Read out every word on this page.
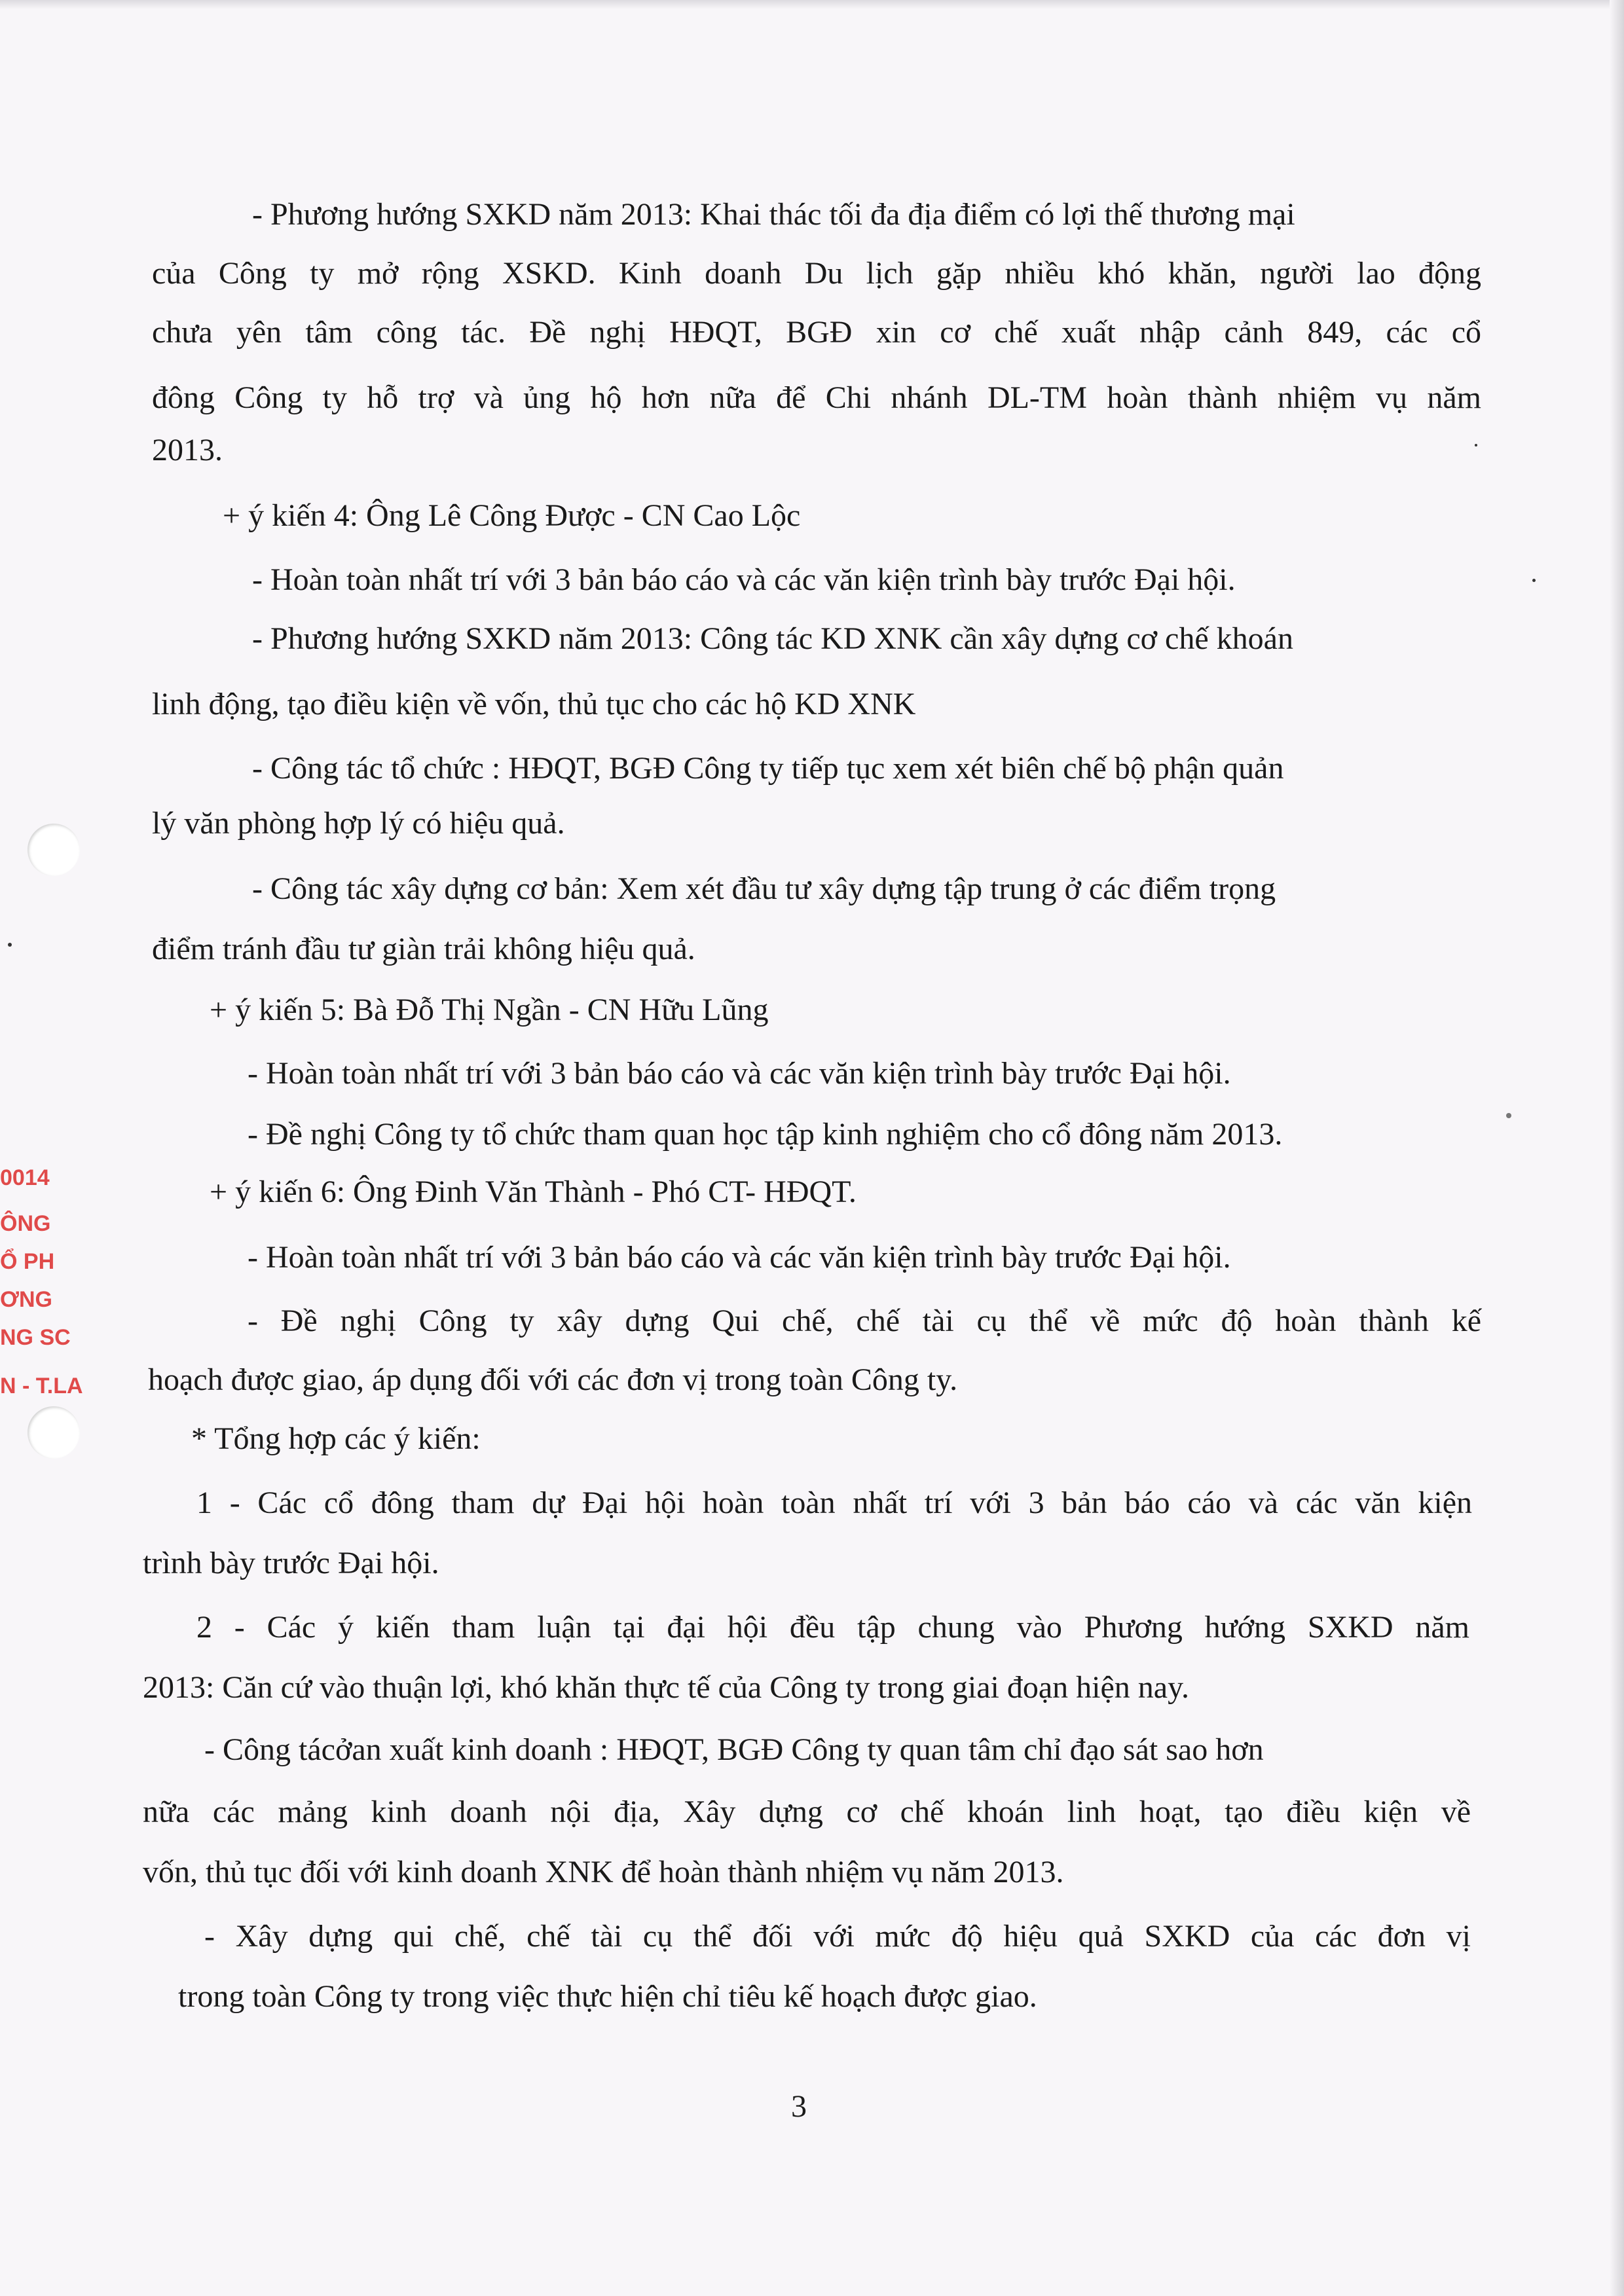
0014
ÔNG
Ổ PH
ƠNG
NG SC
N - T.LA
- Phương hướng SXKD năm 2013: Khai thác tối đa địa điểm có lợi thế thương mại
của Công ty mở rộng XSKD. Kinh doanh Du lịch gặp nhiều khó khăn, người lao động
chưa yên tâm công tác. Đề nghị HĐQT, BGĐ xin cơ chế xuất nhập cảnh 849, các cổ
đông Công ty hỗ trợ và ủng hộ hơn nữa để Chi nhánh DL-TM hoàn thành nhiệm vụ năm
2013.
+ ý kiến 4: Ông Lê Công Được - CN Cao Lộc
- Hoàn toàn nhất trí với 3 bản báo cáo và các văn kiện trình bày trước Đại hội.
- Phương hướng SXKD năm 2013: Công tác KD XNK cần xây dựng cơ chế khoán
linh động, tạo điều kiện về vốn, thủ tục cho các hộ KD XNK
- Công tác tổ chức : HĐQT, BGĐ Công ty tiếp tục xem xét biên chế bộ phận quản
lý văn phòng hợp lý có hiệu quả.
- Công tác xây dựng cơ bản: Xem xét đầu tư xây dựng tập trung ở các điểm trọng
điểm tránh đầu tư giàn trải không hiệu quả.
+ ý kiến 5: Bà Đỗ Thị Ngần - CN Hữu Lũng
- Hoàn toàn nhất trí với 3 bản báo cáo và các văn kiện trình bày trước Đại hội.
- Đề nghị Công ty tổ chức tham quan học tập kinh nghiệm cho cổ đông năm 2013.
+ ý kiến 6: Ông Đinh Văn Thành - Phó CT- HĐQT.
- Hoàn toàn nhất trí với 3 bản báo cáo và các văn kiện trình bày trước Đại hội.
- Đề nghị Công ty xây dựng Qui chế, chế tài cụ thể về mức độ hoàn thành kế
hoạch được giao, áp dụng đối với các đơn vị trong toàn Công ty.
* Tổng hợp các ý kiến:
1 - Các cổ đông tham dự Đại hội hoàn toàn nhất trí với 3 bản báo cáo và các văn kiện
trình bày trước Đại hội.
2 - Các ý kiến tham luận tại đại hội đều tập chung vào Phương hướng SXKD năm
2013: Căn cứ vào thuận lợi, khó khăn thực tế của Công ty trong giai đoạn hiện nay.
- Công tácởan xuất kinh doanh : HĐQT, BGĐ Công ty quan tâm chỉ đạo sát sao hơn
nữa các mảng kinh doanh nội địa, Xây dựng cơ chế khoán linh hoạt, tạo điều kiện về
vốn, thủ tục đối với kinh doanh XNK để hoàn thành nhiệm vụ năm 2013.
- Xây dựng qui chế, chế tài cụ thể đối với mức độ hiệu quả SXKD của các đơn vị
trong toàn Công ty trong việc thực hiện chỉ tiêu kế hoạch được giao.
3
